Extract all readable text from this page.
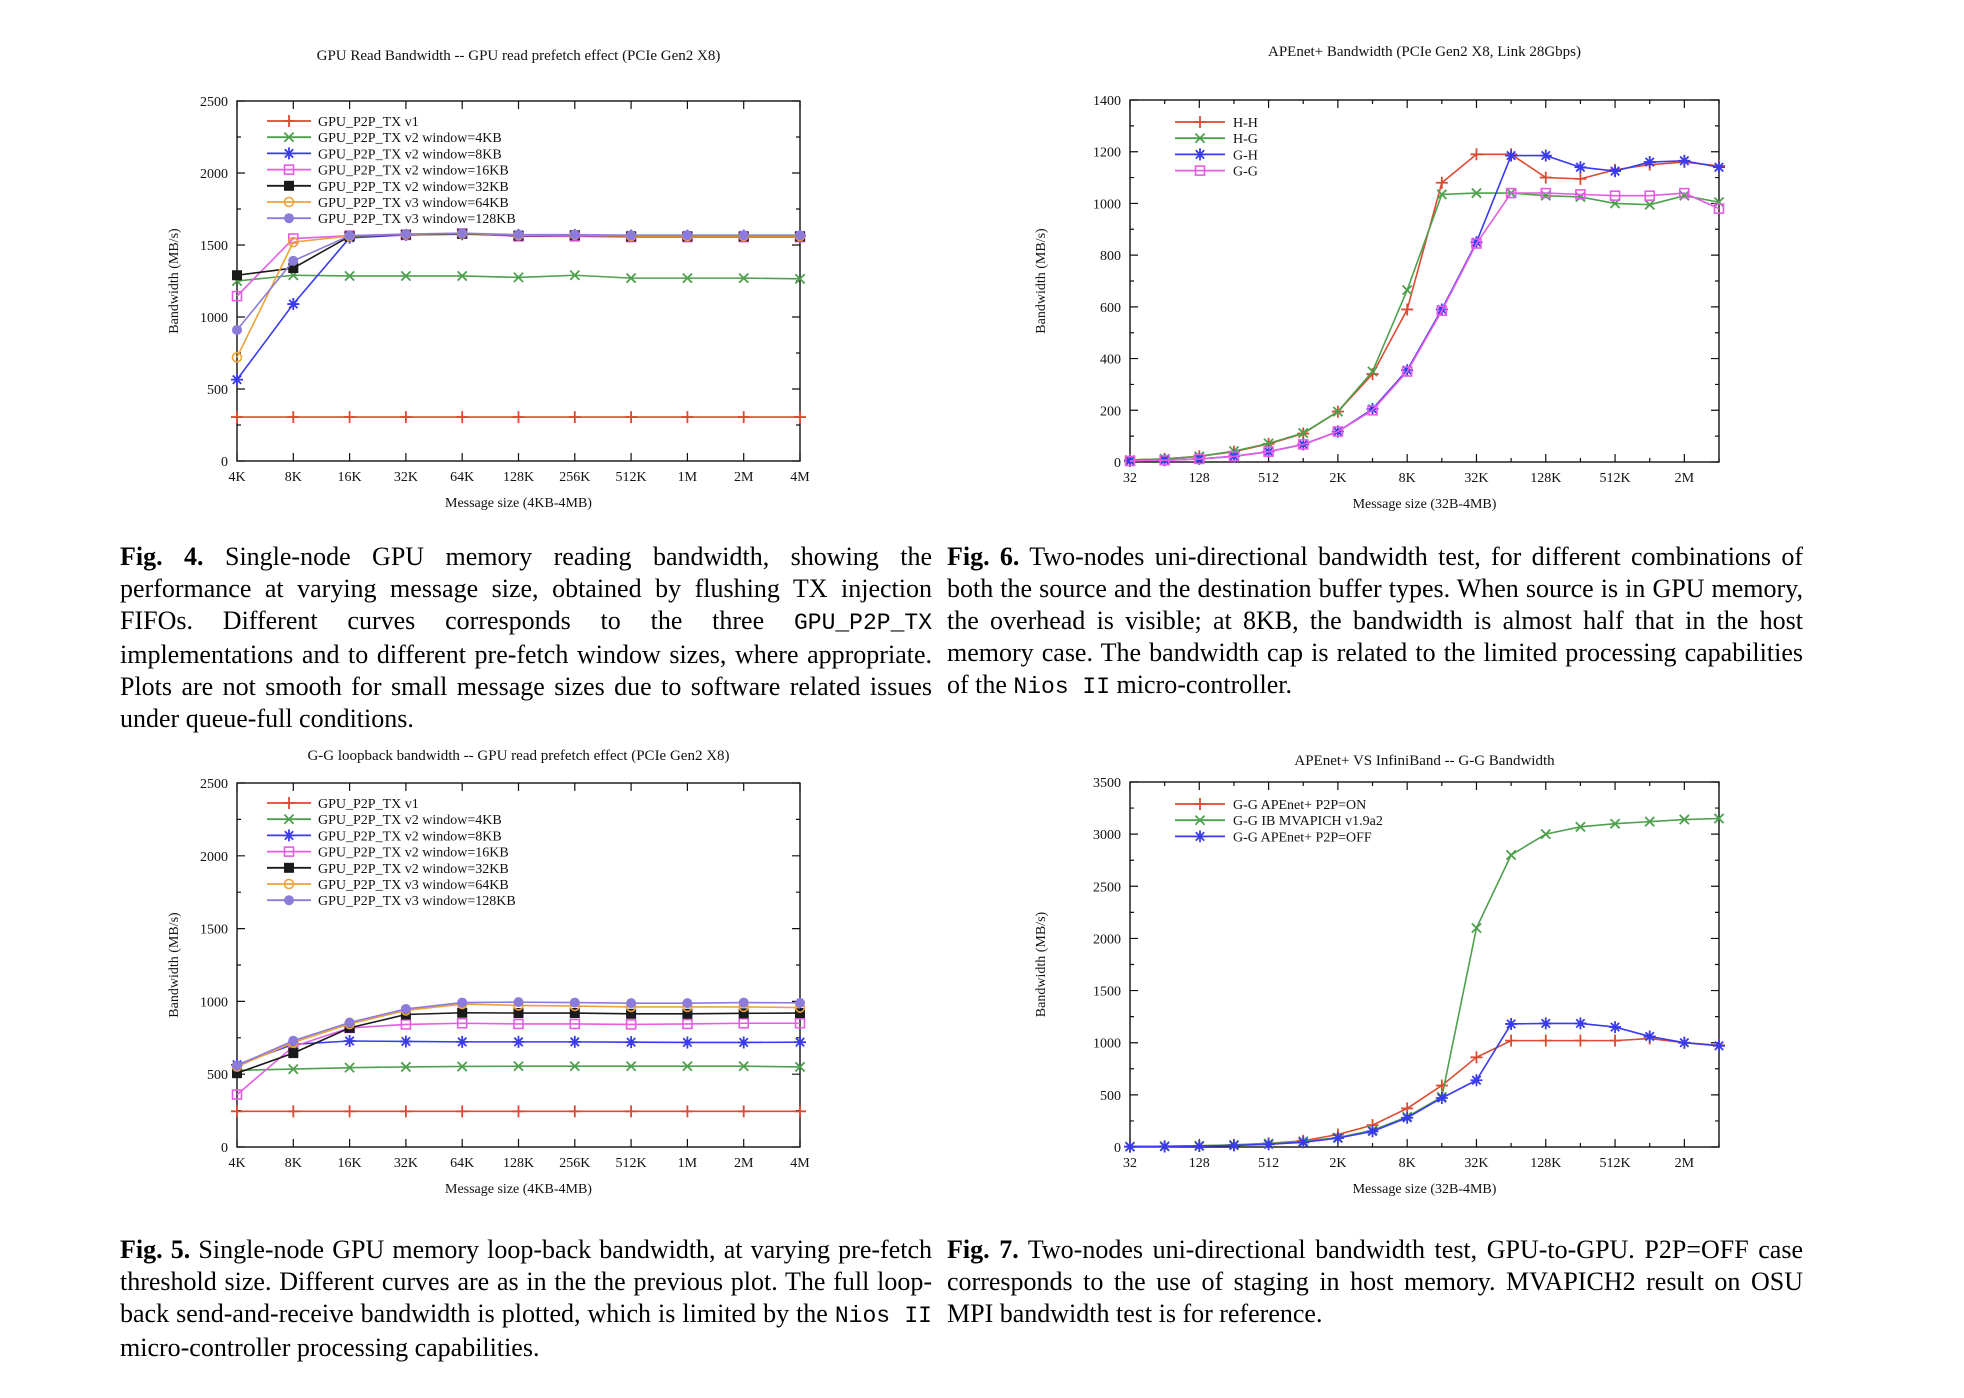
0
500
1000
1500
2000
2500
4K	8K	16K 32K 64K 128K 256K 512K 1M	2M	4M
GPU Read Bandwidth -- GPU read prefetch effect (PCIe Gen2 X8)
Message size (4KB-4MB)
Bandwidth (MB/s)
GPU_P2P_TX v1
GPU_P2P_TX v2 window=4KB
GPU_P2P_TX v2 window=8KB
GPU_P2P_TX v2 window=16KB
GPU_P2P_TX v2 window=32KB
GPU_P2P_TX v3 window=64KB
GPU_P2P_TX v3 window=128KB

Fig. 4. Single-node GPU memory reading bandwidth, showing the performance at varying message size, obtained by flushing TX injection FIFOs. Different curves corresponds to the three GPU_P2P_TX implementations and to different pre-fetch window sizes, where appropriate. Plots are not smooth for small message sizes due to software related issues under queue-full conditions.

0
200
400
600
800
1000
1200
1400
32	128	512	2K	8K	32K	128K	512K	2M
APEnet+ Bandwidth (PCIe Gen2 X8, Link 28Gbps)
Message size (32B-4MB)
Bandwidth (MB/s)
H-H
H-G
G-H
G-G

Fig. 6. Two-nodes uni-directional bandwidth test, for different combinations of both the source and the destination buffer types. When source is in GPU memory, the overhead is visible; at 8KB, the bandwidth is almost half that in the host memory case. The bandwidth cap is related to the limited processing capabilities of the Nios II micro-controller.

0
500
1000
1500
2000
2500
4K	8K	16K 32K 64K 128K 256K 512K 1M	2M	4M
G-G loopback bandwidth -- GPU read prefetch effect (PCIe Gen2 X8)
Message size (4KB-4MB)
Bandwidth (MB/s)
GPU_P2P_TX v1
GPU_P2P_TX v2 window=4KB
GPU_P2P_TX v2 window=8KB
GPU_P2P_TX v2 window=16KB
GPU_P2P_TX v2 window=32KB
GPU_P2P_TX v3 window=64KB
GPU_P2P_TX v3 window=128KB

Fig. 5. Single-node GPU memory loop-back bandwidth, at varying pre-fetch threshold size. Different curves are as in the the previous plot. The full loop-back send-and-receive bandwidth is plotted, which is limited by the Nios II micro-controller processing capabilities.

0
500
1000
1500
2000
2500
3000
3500
32	128	512	2K	8K	32K	128K	512K	2M
APEnet+ VS InfiniBand -- G-G Bandwidth
Message size (32B-4MB)
Bandwidth (MB/s)
G-G APEnet+ P2P=ON
G-G IB MVAPICH v1.9a2
G-G APEnet+ P2P=OFF

Fig. 7. Two-nodes uni-directional bandwidth test, GPU-to-GPU. P2P=OFF case corresponds to the use of staging in host memory. MVAPICH2 result on OSU MPI bandwidth test is for reference.
